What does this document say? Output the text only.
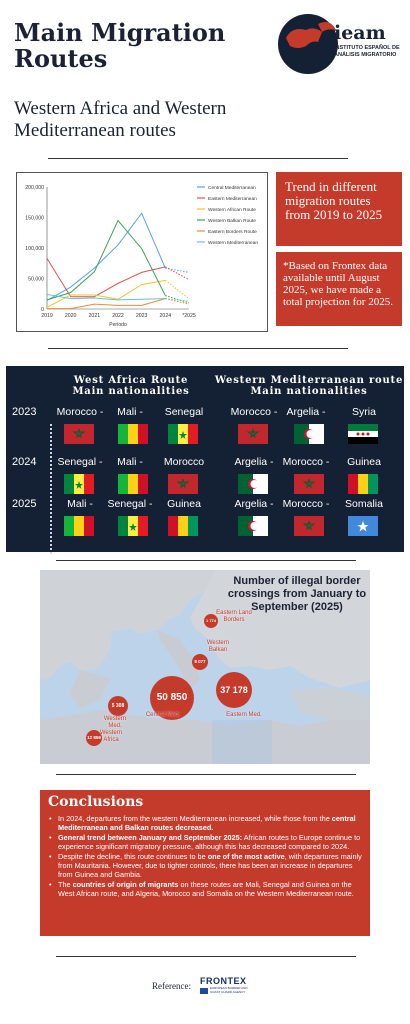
Main Migration
Routes
ieam
INSTITUTO ESPAÑOL DE
ANÁLISIS MIGRATORIO
Western Africa and Western
Mediterranean routes
0
50,000
100,000
150,000
200,000
2019 2020 2021 2022 2023 2024 *2025
Período
Central Mediterranean
Eastern Mediterranean
Western African Route
Western Balkan Route
Eastern Borders Route
Western Mediterranean
Trend in different migration routes from 2019 to 2025
*Based on Frontex data available until August 2025, we have made a total projection for 2025.
West Africa Route
Main nationalities
Western Mediterranean route
Main nationalities
2023	Morocco -	Mali -	Senegal	Morocco - Argelia -	Syria
2024	Senegal -	Mali -	Morocco	Argelia - Morocco -	Guinea
2025	Mali -	Senegal -	Guinea	Argelia - Morocco -	Somalia
Number of illegal border crossings from January to September (2025)
50 850
Central Med.
37 178
Eastern Med.
8 077
Western Balkan
5 308
Western Med.
12 859
Western Africa
1 774
Eastern Land Borders
Conclusions
• In 2024, departures from the western Mediterranean increased, while those from the central Mediterranean and Balkan routes decreased.
• General trend between January and September 2025: African routes to Europe continue to experience significant migratory pressure, although this has decreased compared to 2024.
• Despite the decline, this route continues to be one of the most active, with departures mainly from Mauritania. However, due to tighter controls, there has been an increase in departures from Guinea and Gambia.
• The countries of origin of migrants on these routes are Mali, Senegal and Guinea on the West African route, and Algeria, Morocco and Somalia on the Western Mediterranean route.
Reference: FRONTEX
EUROPEAN BORDER AND COAST GUARD AGENCY
